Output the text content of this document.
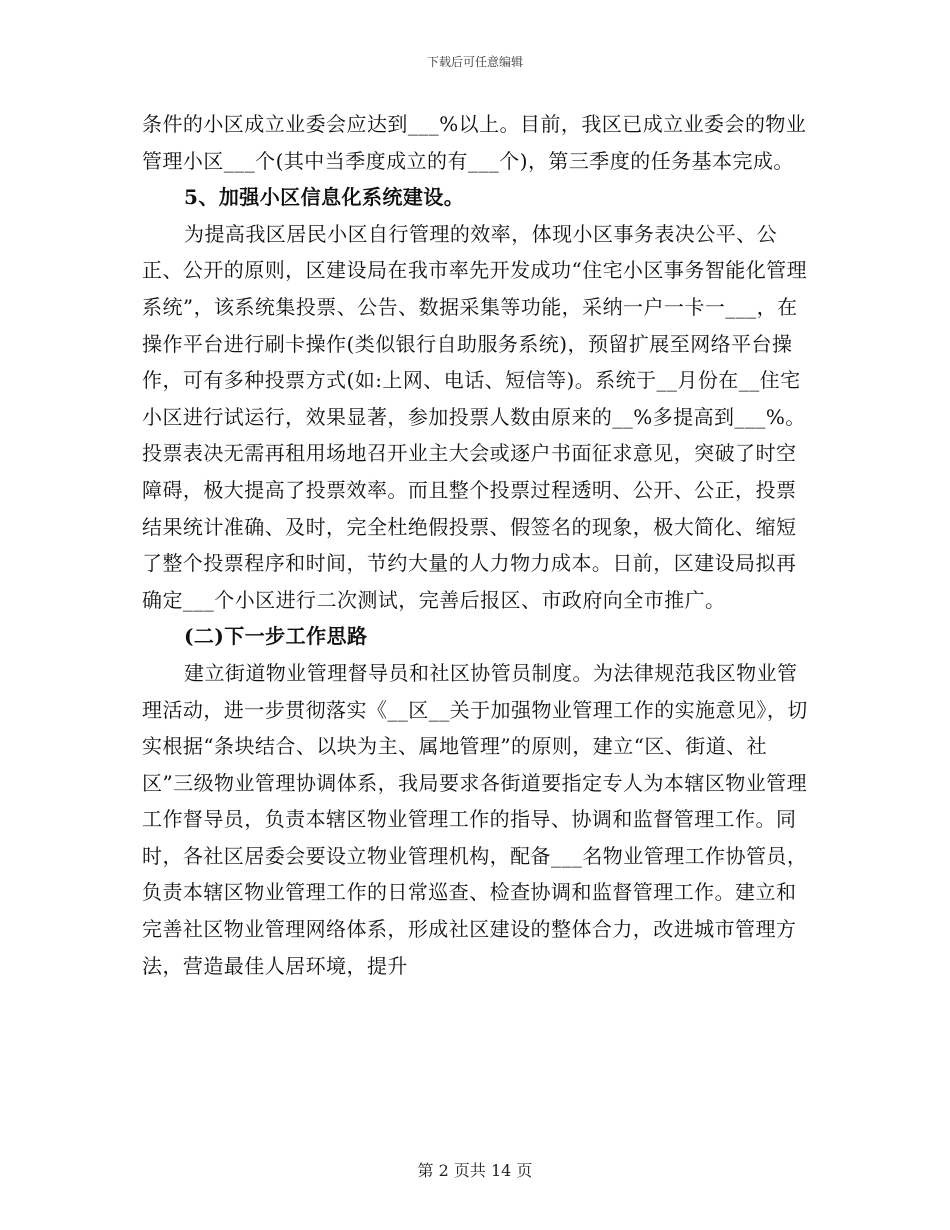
下载后可任意编辑

条件的小区成立业委会应达到___%以上。目前，我区已成立业委会的物业管理小区___个(其中当季度成立的有___个)，第三季度的任务基本完成。

5、加强小区信息化系统建设。

为提高我区居民小区自行管理的效率，体现小区事务表决公平、公正、公开的原则，区建设局在我市率先开发成功“住宅小区事务智能化管理系统”，该系统集投票、公告、数据采集等功能，采纳一户一卡一___，在操作平台进行刷卡操作(类似银行自助服务系统)，预留扩展至网络平台操作，可有多种投票方式(如:上网、电话、短信等)。系统于__月份在__住宅小区进行试运行，效果显著，参加投票人数由原来的__%多提高到___%。投票表决无需再租用场地召开业主大会或逐户书面征求意见，突破了时空障碍，极大提高了投票效率。而且整个投票过程透明、公开、公正，投票结果统计准确、及时，完全杜绝假投票、假签名的现象，极大简化、缩短了整个投票程序和时间，节约大量的人力物力成本。日前，区建设局拟再确定___个小区进行二次测试，完善后报区、市政府向全市推广。

(二)下一步工作思路

建立街道物业管理督导员和社区协管员制度。为法律规范我区物业管理活动，进一步贯彻落实《__区__关于加强物业管理工作的实施意见》，切实根据“条块结合、以块为主、属地管理”的原则，建立“区、街道、社区”三级物业管理协调体系，我局要求各街道要指定专人为本辖区物业管理工作督导员，负责本辖区物业管理工作的指导、协调和监督管理工作。同时，各社区居委会要设立物业管理机构，配备___名物业管理工作协管员，负责本辖区物业管理工作的日常巡查、检查协调和监督管理工作。建立和完善社区物业管理网络体系，形成社区建设的整体合力，改进城市管理方法，营造最佳人居环境，提升

第 2 页共 14 页
